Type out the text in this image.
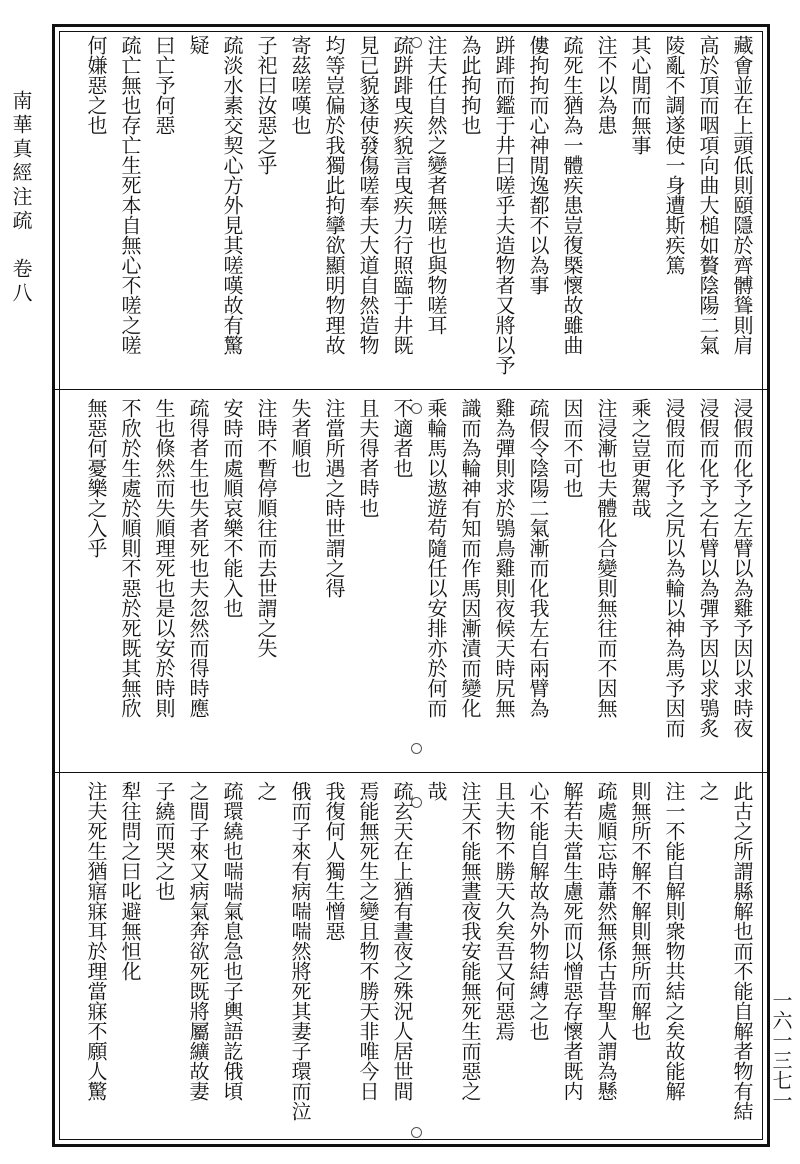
南華真經注疏　卷八	藏㑹並在上頭低則頤隱於齊髆聳則肩
高於頂而咽項向曲大槌如贅陰陽二氣
陵亂不調遂使一身遭斯疾篤
其心閒而無事
注不以為患
疏死生猶為一體疾患豈復槩懷故雖曲
僂拘拘而心神閒逸都不以為事
跰䠊而鑑于井曰嗟乎夫造物者又將以予
為此拘拘也
注夫任自然之變者無嗟也與物嗟耳
疏跰䠊曳疾貌言曳疾力行照臨于井既
見已貌遂使發傷嗟奉夫大道自然造物
均等豈偏於我獨此拘攣欲顯明物理故
寄茲嗟嘆也
子祀曰汝惡之乎
疏淡水素交契心方外見其嗟嘆故有驚
疑
曰亡予何惡
疏亡無也存亡生死本自無心不嗟之嗟
何嫌惡之也
浸假而化予之左臂以為雞予因以求時夜
浸假而化予之右臂以為彈予因以求鴞炙
浸假而化予之尻以為輪以神為馬予因而
乘之豈更駕哉
注浸漸也夫體化合變則無往而不因無
因而不可也
疏假令陰陽二氣漸而化我左右兩臂為
雞為彈則求於鴞鳥雞則夜候天時尻無
識而為輪神有知而作馬因漸漬而變化
乘輪馬以遨遊苟隨任以安排亦於何而
不適者也
且夫得者時也
注當所遇之時世謂之得
失者順也
注時不暫停順往而去世謂之失
安時而處順哀樂不能入也
疏得者生也失者死也夫忽然而得時應
生也倏然而失順理死也是以安於時則
不欣於生處於順則不惡於死既其無欣
無惡何憂樂之入乎
此古之所謂縣解也而不能自解者物有結
之
注一不能自解則衆物共結之矣故能解
則無所不解不解則無所而解也
疏處順忘時蕭然無係古昔聖人謂為懸
解若夫當生慮死而以憎惡存懷者既内
心不能自解故為外物結縛之也
且夫物不勝天久矣吾又何惡焉
注天不能無晝夜我安能無死生而惡之
哉
疏玄天在上猶有晝夜之殊況人居世間
焉能無死生之變且物不勝天非唯今日
我復何人獨生憎惡
俄而子來有病喘喘然將死其妻子環而泣
之
疏環繞也喘喘氣息急也子輿語訖俄頃
之間子來又病氣奔欲死既將屬纊故妻
子繞而哭之也
犁往問之曰叱避無怛化
注夫死生猶寤寐耳於理當寐不願人驚	一六一三七一
